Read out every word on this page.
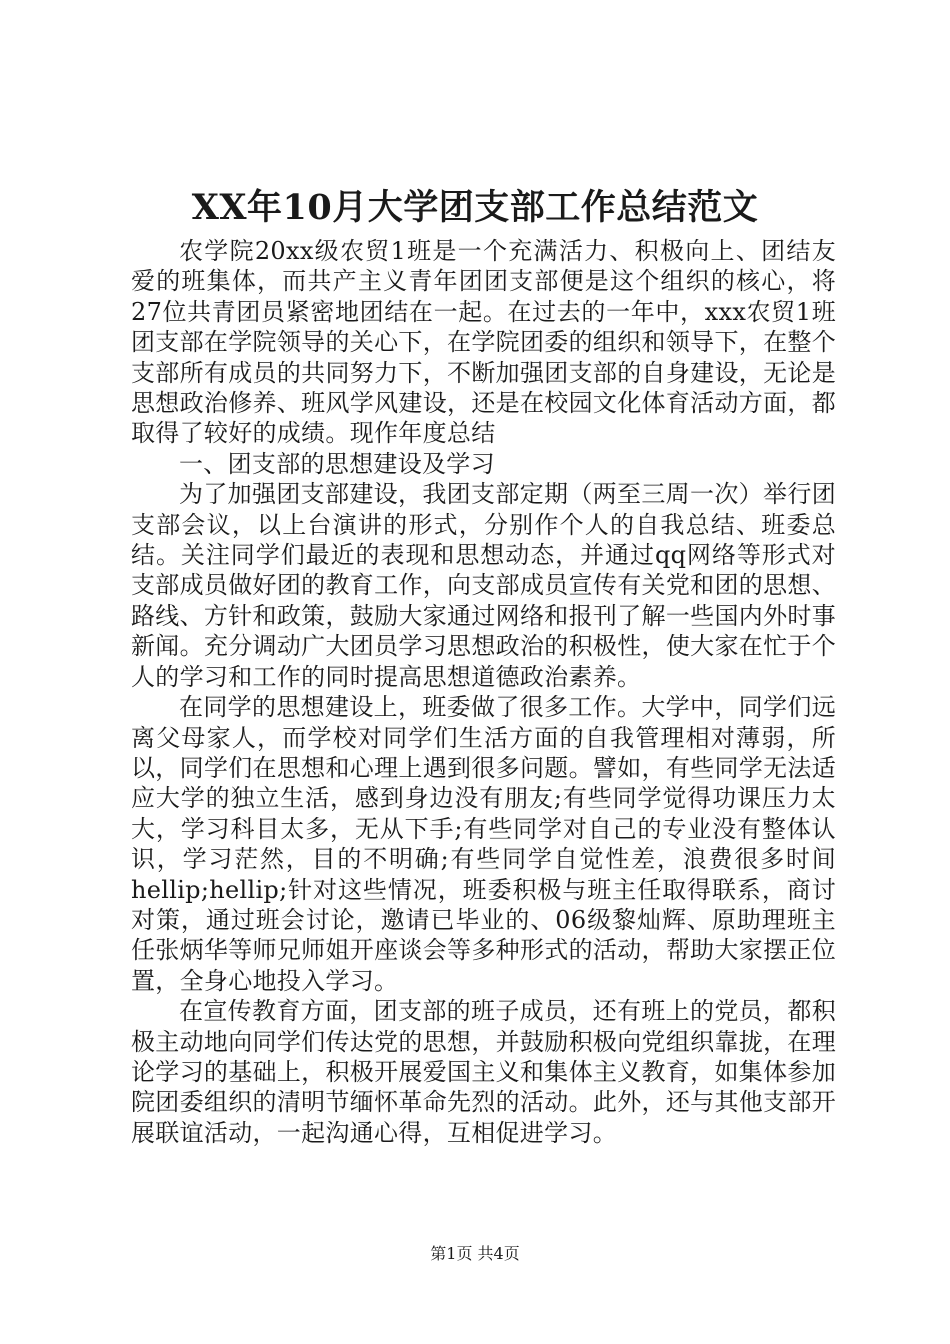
XX年10月大学团支部工作总结范文

农学院20xx级农贸1班是一个充满活力、积极向上、团结友爱的班集体，而共产主义青年团团支部便是这个组织的核心，将27位共青团员紧密地团结在一起。在过去的一年中，xxx农贸1班团支部在学院领导的关心下，在学院团委的组织和领导下，在整个支部所有成员的共同努力下，不断加强团支部的自身建设，无论是思想政治修养、班风学风建设，还是在校园文化体育活动方面，都取得了较好的成绩。现作年度总结

一、团支部的思想建设及学习

为了加强团支部建设，我团支部定期（两至三周一次）举行团支部会议，以上台演讲的形式，分别作个人的自我总结、班委总结。关注同学们最近的表现和思想动态，并通过qq网络等形式对支部成员做好团的教育工作，向支部成员宣传有关党和团的思想、路线、方针和政策，鼓励大家通过网络和报刊了解一些国内外时事新闻。充分调动广大团员学习思想政治的积极性，使大家在忙于个人的学习和工作的同时提高思想道德政治素养。

在同学的思想建设上，班委做了很多工作。大学中，同学们远离父母家人，而学校对同学们生活方面的自我管理相对薄弱，所以，同学们在思想和心理上遇到很多问题。譬如，有些同学无法适应大学的独立生活，感到身边没有朋友;有些同学觉得功课压力太大，学习科目太多，无从下手;有些同学对自己的专业没有整体认识，学习茫然，目的不明确;有些同学自觉性差，浪费很多时间hellip;hellip;针对这些情况，班委积极与班主任取得联系，商讨对策，通过班会讨论，邀请已毕业的、06级黎灿辉、原助理班主任张炳华等师兄师姐开座谈会等多种形式的活动，帮助大家摆正位置，全身心地投入学习。

在宣传教育方面，团支部的班子成员，还有班上的党员，都积极主动地向同学们传达党的思想，并鼓励积极向党组织靠拢，在理论学习的基础上，积极开展爱国主义和集体主义教育，如集体参加院团委组织的清明节缅怀革命先烈的活动。此外，还与其他支部开展联谊活动，一起沟通心得，互相促进学习。

第1页 共4页
